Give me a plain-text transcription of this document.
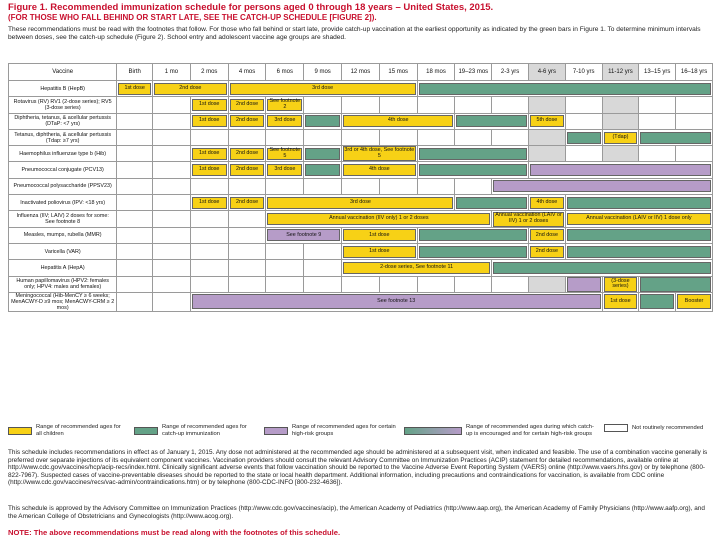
Figure 1. Recommended immunization schedule for persons aged 0 through 18 years – United States, 2015.
(FOR THOSE WHO FALL BEHIND OR START LATE, SEE THE CATCH-UP SCHEDULE [FIGURE 2]).
These recommendations must be read with the footnotes that follow. For those who fall behind or start late, provide catch-up vaccination at the earliest opportunity as indicated by the green bars in Figure 1. To determine minimum intervals between doses, see the catch-up schedule (Figure 2). School entry and adolescent vaccine age groups are shaded.
Vaccine	Birth	1 mo	2 mos	4 mos	6 mos	9 mos	12 mos	15 mos	18 mos	19–23 mos	2-3 yrs	4-6 yrs	7-10 yrs	11-12 yrs	13–15 yrs	16–18 yrs
Hepatitis B (HepB)	1st dose	2nd dose		3rd dose												

Rotavirus (RV) RV1 (2-dose series); RV5 (3-dose series)			1st dose	2nd dose	See footnote 2											

Diphtheria, tetanus, & acellular pertussis (DTaP: <7 yrs)			1st dose	2nd dose	3rd dose		4th dose					5th dose				

Tetanus, diphtheria, & acellular pertussis (Tdap: ≥7 yrs)														(Tdap)		

Haemophilus influenzae type b (Hib)			1st dose	2nd dose	See footnote 5		3rd or 4th dose, See footnote 5									

Pneumococcal conjugate (PCV13)			1st dose	2nd dose	3rd dose		4th dose									

Pneumococcal polysaccharide (PPSV23)																

Inactivated poliovirus (IPV: <18 yrs)			1st dose	2nd dose	3rd dose							4th dose				

Influenza (IIV; LAIV) 2 doses for some: See footnote 8					Annual vaccination (IIV only) 1 or 2 doses						Annual vaccination (LAIV or IIV) 1 or 2 doses		Annual vaccination (LAIV or IIV) 1 dose only			

Measles, mumps, rubella (MMR)					See footnote 9		1st dose					2nd dose				

Varicella (VAR)							1st dose					2nd dose				

Hepatitis A (HepA)							2-dose series, See footnote 11									

Human papillomavirus (HPV2: females only; HPV4: males and females)														(3-dose series)		

Meningococcal (Hib-MenCY ≥ 6 weeks; MenACWY-D ≥9 mos; MenACWY-CRM ≥ 2 mos)			See footnote 13											1st dose		Booster
Range of recommended ages for all children
Range of recommended ages for catch-up immunization
Range of recommended ages for certain high-risk groups
Range of recommended ages during which catch-up is encouraged and for certain high-risk groups
Not routinely recommended
This schedule includes recommendations in effect as of January 1, 2015. Any dose not administered at the recommended age should be administered at a subsequent visit, when indicated and feasible. The use of a combination vaccine generally is preferred over separate injections of its equivalent component vaccines. Vaccination providers should consult the relevant Advisory Committee on Immunization Practices (ACIP) statement for detailed recommendations, available online at http://www.cdc.gov/vaccines/hcp/acip-recs/index.html. Clinically significant adverse events that follow vaccination should be reported to the Vaccine Adverse Event Reporting System (VAERS) online (http://www.vaers.hhs.gov) or by telephone (800-822-7967). Suspected cases of vaccine-preventable diseases should be reported to the state or local health department. Additional information, including precautions and contraindications for vaccination, is available from CDC online (http://www.cdc.gov/vaccines/recs/vac-admin/contraindications.htm) or by telephone (800-CDC-INFO [800-232-4636]).
This schedule is approved by the Advisory Committee on Immunization Practices (http://www.cdc.gov/vaccines/acip), the American Academy of Pediatrics (http://www.aap.org), the American Academy of Family Physicians (http://www.aafp.org), and the American College of Obstetricians and Gynecologists (http://www.acog.org).
NOTE: The above recommendations must be read along with the footnotes of this schedule.
